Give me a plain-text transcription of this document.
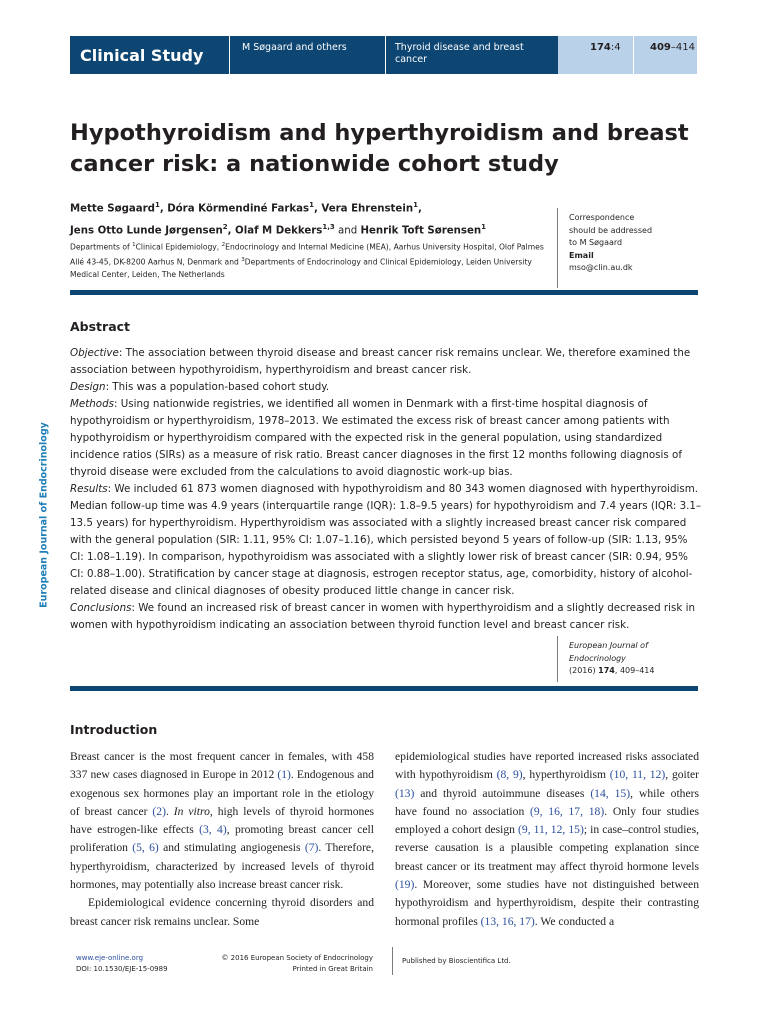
Clinical Study	M Søgaard and others	Thyroid disease and breast cancer
174:4	409–414
Hypothyroidism and hyperthyroidism and breast cancer risk: a nationwide cohort study
Mette Søgaard$^1$, Dóra Körmendiné Farkas$^1$, Vera Ehrenstein$^1$,
Jens Otto Lunde Jørgensen$^2$, Olaf M Dekkers$^{1,3}$ and Henrik Toft Sørensen$^1$
Departments of $^1$Clinical Epidemiology, $^2$Endocrinology and Internal Medicine (MEA), Aarhus University Hospital, Olof Palmes Allé 43-45, DK-8200 Aarhus N, Denmark and $^3$Departments of Endocrinology and Clinical Epidemiology, Leiden University Medical Center, Leiden, The Netherlands
Correspondence
should be addressed
to M Søgaard
Email
mso@clin.au.dk
European Journal of Endocrinology
Abstract

Objective: The association between thyroid disease and breast cancer risk remains unclear. We, therefore examined the association between hypothyroidism, hyperthyroidism and breast cancer risk.

Design: This was a population-based cohort study.

Methods: Using nationwide registries, we identified all women in Denmark with a first-time hospital diagnosis of hypothyroidism or hyperthyroidism, 1978–2013. We estimated the excess risk of breast cancer among patients with hypothyroidism or hyperthyroidism compared with the expected risk in the general population, using standardized incidence ratios (SIRs) as a measure of risk ratio. Breast cancer diagnoses in the first 12 months following diagnosis of thyroid disease were excluded from the calculations to avoid diagnostic work-up bias.

Results: We included 61 873 women diagnosed with hypothyroidism and 80 343 women diagnosed with hyperthyroidism. Median follow-up time was 4.9 years (interquartile range (IQR): 1.8–9.5 years) for hypothyroidism and 7.4 years (IQR: 3.1–13.5 years) for hyperthyroidism. Hyperthyroidism was associated with a slightly increased breast cancer risk compared with the general population (SIR: 1.11, 95% CI: 1.07–1.16), which persisted beyond 5 years of follow-up (SIR: 1.13, 95% CI: 1.08–1.19). In comparison, hypothyroidism was associated with a slightly lower risk of breast cancer (SIR: 0.94, 95% CI: 0.88–1.00). Stratification by cancer stage at diagnosis, estrogen receptor status, age, comorbidity, history of alcohol-related disease and clinical diagnoses of obesity produced little change in cancer risk.

Conclusions: We found an increased risk of breast cancer in women with hyperthyroidism and a slightly decreased risk in women with hypothyroidism indicating an association between thyroid function level and breast cancer risk.

European Journal of
Endocrinology
(2016) 174, 409–414
Introduction

Breast cancer is the most frequent cancer in females, with 458 337 new cases diagnosed in Europe in 2012 (1). Endogenous and exogenous sex hormones play an important role in the etiology of breast cancer (2). In vitro, high levels of thyroid hormones have estrogen-like effects (3, 4), promoting breast cancer cell proliferation (5, 6) and stimulating angiogenesis (7). Therefore, hyperthyroidism, characterized by increased levels of thyroid hormones, may potentially also increase breast cancer risk.

Epidemiological evidence concerning thyroid disorders and breast cancer risk remains unclear. Some

epidemiological studies have reported increased risks associated with hypothyroidism (8, 9), hyperthyroidism (10, 11, 12), goiter (13) and thyroid autoimmune diseases (14, 15), while others have found no association (9, 16, 17, 18). Only four studies employed a cohort design (9, 11, 12, 15); in case–control studies, reverse causation is a plausible competing explanation since breast cancer or its treatment may affect thyroid hormone levels (19). Moreover, some studies have not distinguished between hypothyroidism and hyperthyroidism, despite their contrasting hormonal profiles (13, 16, 17). We conducted a

www.eje-online.org
DOI: 10.1530/EJE-15-0989
© 2016 European Society of Endocrinology
Printed in Great Britain
Published by Bioscientifica Ltd.
